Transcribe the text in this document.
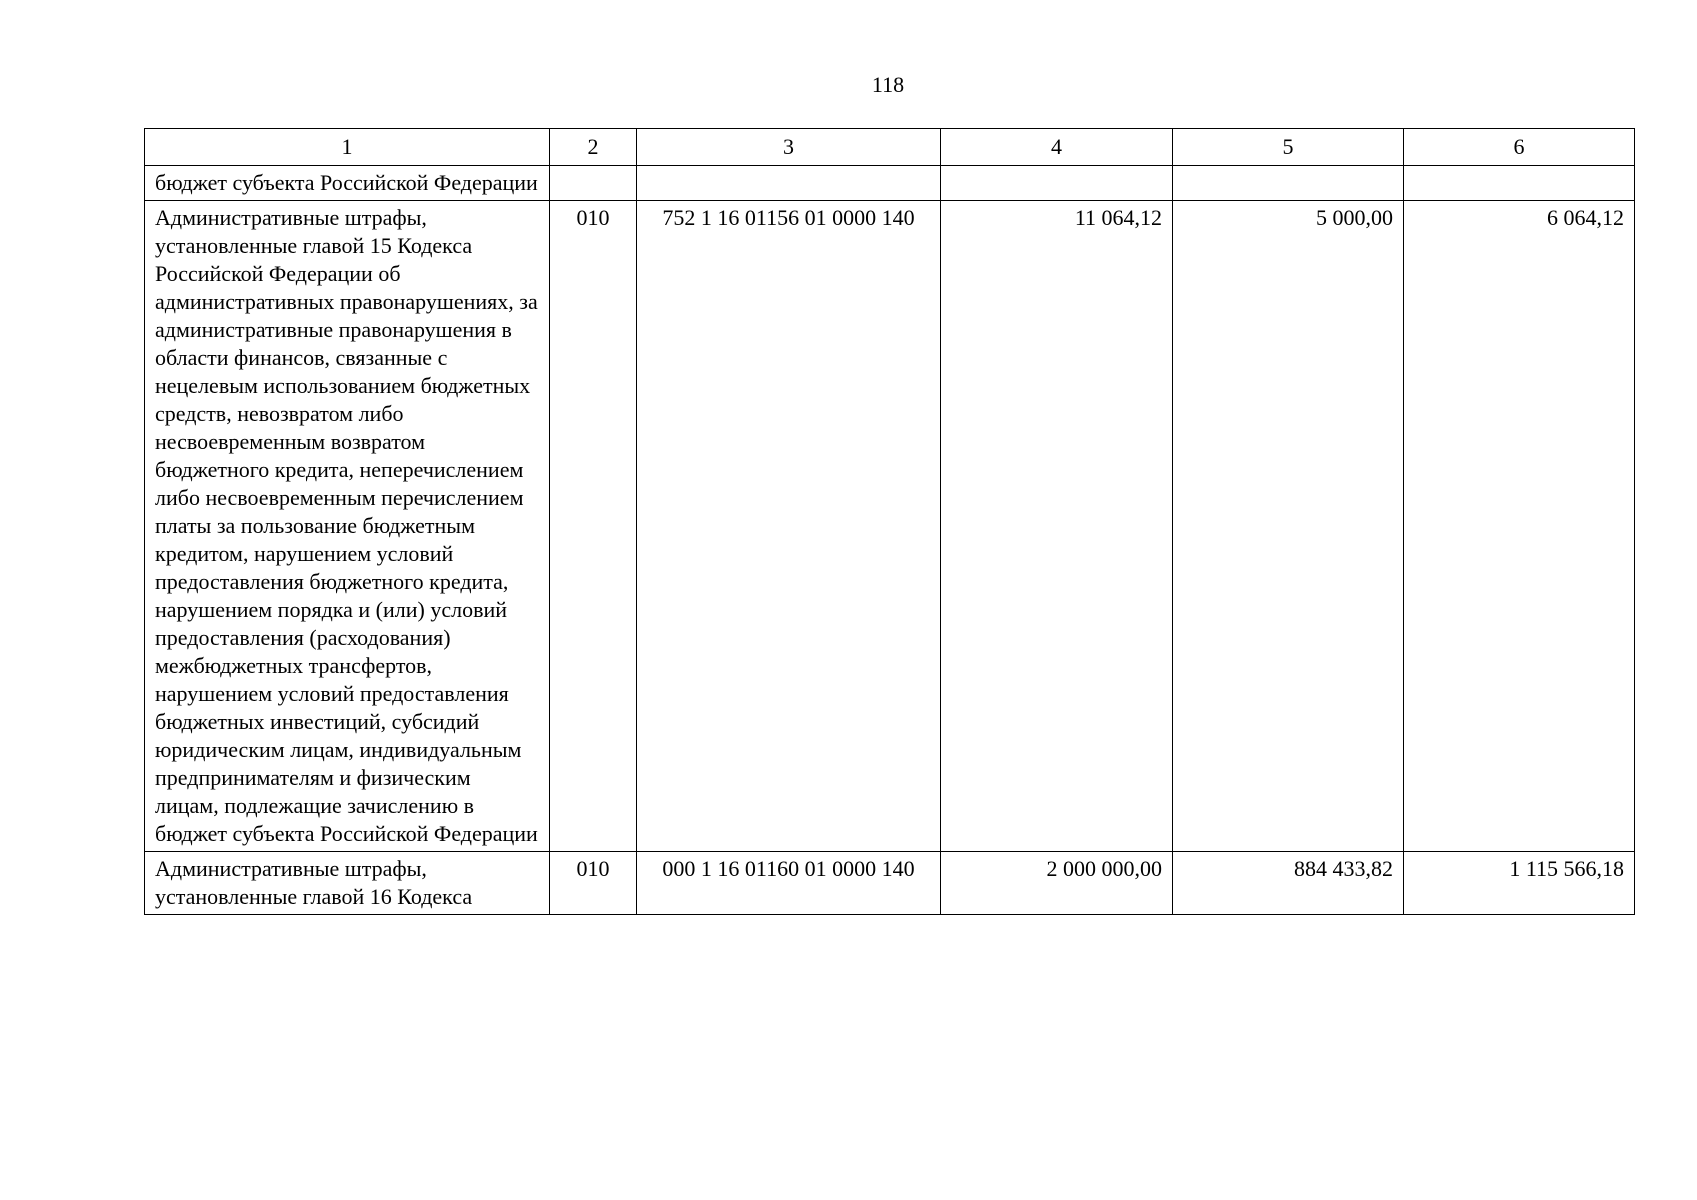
118
1	2	3	4	5	6
бюджет субъекта Российской Федерации					
Административные штрафы, установленные главой 15 Кодекса Российской Федерации об административных правонарушениях, за административные правонарушения в области финансов, связанные с нецелевым использованием бюджетных средств, невозвратом либо несвоевременным возвратом бюджетного кредита, неперечислением либо несвоевременным перечислением платы за пользование бюджетным кредитом, нарушением условий предоставления бюджетного кредита, нарушением порядка и (или) условий предоставления (расходования) межбюджетных трансфертов, нарушением условий предоставления бюджетных инвестиций, субсидий юридическим лицам, индивидуальным предпринимателям и физическим лицам, подлежащие зачислению в бюджет субъекта Российской Федерации	010	752 1 16 01156 01 0000 140	11 064,12	5 000,00	6 064,12
Административные штрафы, установленные главой 16 Кодекса	010	000 1 16 01160 01 0000 140	2 000 000,00	884 433,82	1 115 566,18
